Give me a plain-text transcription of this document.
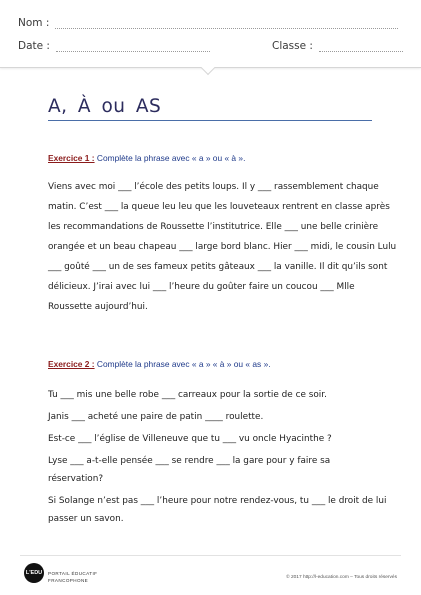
Nom :
Date :	Classe :
A, À ou AS
Exercice 1 : Complète la phrase avec « a » ou « à ».
Viens avec moi ___ l’école des petits loups. Il y ___ rassemblement chaque
matin. C’est ___ la queue leu leu que les louveteaux rentrent en classe après
les recommandations de Roussette l’institutrice. Elle ___ une belle crinière
orangée et un beau chapeau ___ large bord blanc. Hier ___ midi, le cousin Lulu
___ goûté ___ un de ses fameux petits gâteaux ___ la vanille. Il dit qu’ils sont
délicieux. J’irai avec lui ___ l’heure du goûter faire un coucou ___ Mlle
Roussette aujourd’hui.
Exercice 2 : Complète la phrase avec « a » « à » ou « as ».
Tu ___ mis une belle robe ___ carreaux pour la sortie de ce soir.
Janis ___ acheté une paire de patin ____ roulette.
Est-ce ___ l’église de Villeneuve que tu ___ vu oncle Hyacinthe ?
Lyse ___ a-t-elle pensée ___ se rendre ___ la gare pour y faire sa
réservation?
Si Solange n’est pas ___ l’heure pour notre rendez-vous, tu ___ le droit de lui
passer un savon.
L'EDU	PORTAIL ÉDUCATIF
FRANCOPHONE
© 2017 http://l-education.com – Tous droits réservés
